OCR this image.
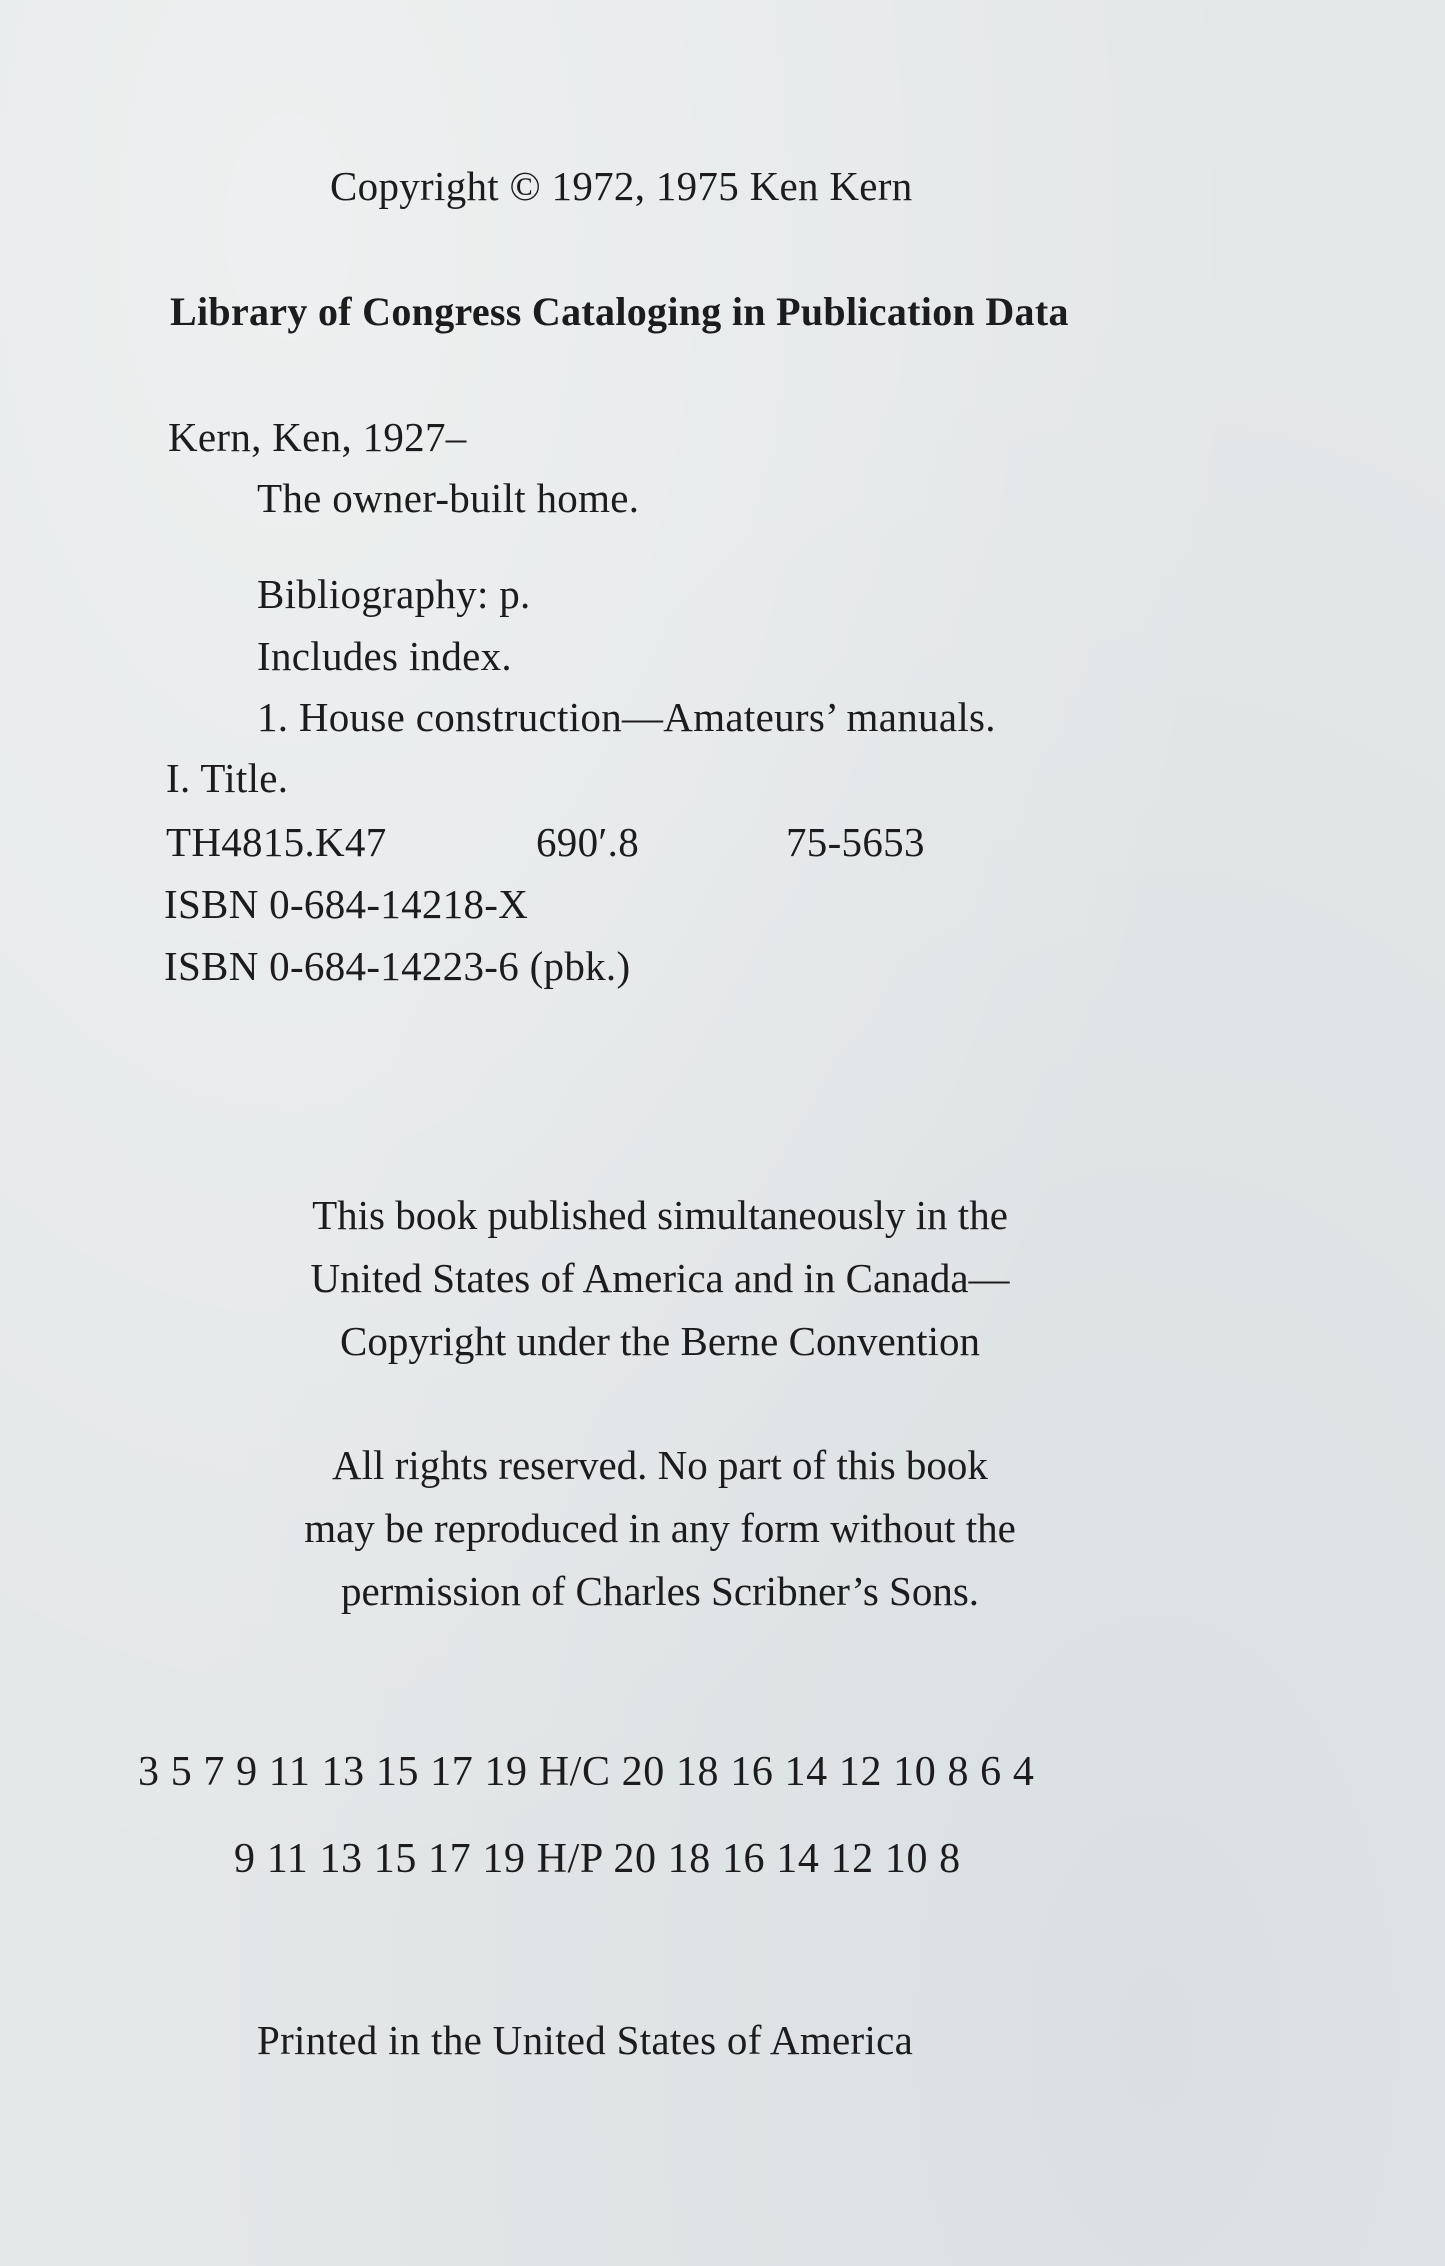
Copyright © 1972, 1975 Ken Kern
Library of Congress Cataloging in Publication Data
Kern, Ken, 1927–
The owner-built home.
Bibliography: p.
Includes index.
1. House construction—Amateurs’ manuals.
I. Title.
TH4815.K47	690′.8	75-5653
ISBN 0-684-14218-X
ISBN 0-684-14223-6 (pbk.)
This book published simultaneously in the
United States of America and in Canada—
Copyright under the Berne Convention
All rights reserved. No part of this book
may be reproduced in any form without the
permission of Charles Scribner’s Sons.
3 5 7 9 11 13 15 17 19 H/C 20 18 16 14 12 10 8 6 4
9 11 13 15 17 19 H/P 20 18 16 14 12 10 8
Printed in the United States of America
